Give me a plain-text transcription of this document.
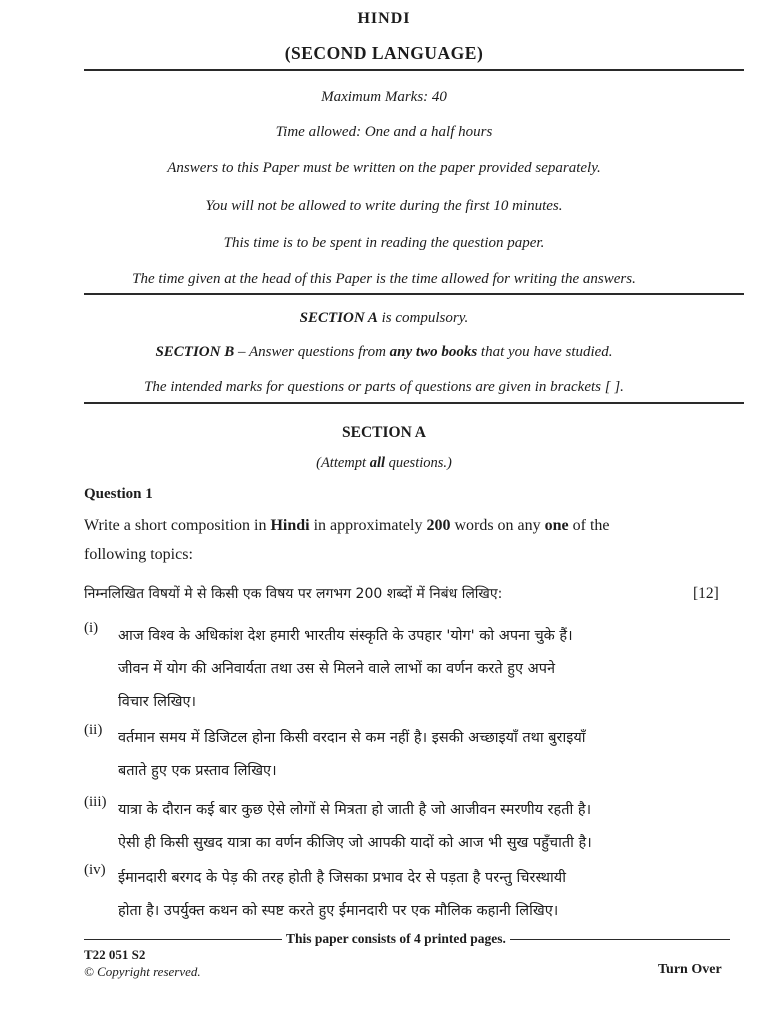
HINDI
(SECOND LANGUAGE)
Maximum Marks: 40
Time allowed: One and a half hours
Answers to this Paper must be written on the paper provided separately.
You will not be allowed to write during the first 10 minutes.
This time is to be spent in reading the question paper.
The time given at the head of this Paper is the time allowed for writing the answers.
SECTION A is compulsory.
SECTION B – Answer questions from any two books that you have studied.
The intended marks for questions or parts of questions are given in brackets [ ].
SECTION A
(Attempt all questions.)
Question 1
Write a short composition in Hindi in approximately 200 words on any one of the
following topics:
निम्नलिखित विषयों मे से किसी एक विषय पर लगभग 200 शब्दों में निबंध लिखिए:	[12]
(i) आज विश्व के अधिकांश देश हमारी भारतीय संस्कृति के उपहार 'योग' को अपना चुके हैं।
जीवन में योग की अनिवार्यता तथा उस से मिलने वाले लाभों का वर्णन करते हुए अपने
विचार लिखिए।
(ii) वर्तमान समय में डिजिटल होना किसी वरदान से कम नहीं है। इसकी अच्छाइयाँ तथा बुराइयाँ
बताते हुए एक प्रस्ताव लिखिए।
(iii) यात्रा के दौरान कई बार कुछ ऐसे लोगों से मित्रता हो जाती है जो आजीवन स्मरणीय रहती है।
ऐसी ही किसी सुखद यात्रा का वर्णन कीजिए जो आपकी यादों को आज भी सुख पहुँचाती है।
(iv) ईमानदारी बरगद के पेड़ की तरह होती है जिसका प्रभाव देर से पड़ता है परन्तु चिरस्थायी
होता है। उपर्युक्त कथन को स्पष्ट करते हुए ईमानदारी पर एक मौलिक कहानी लिखिए।
This paper consists of 4 printed pages.
T22 051 S2
© Copyright reserved.	Turn Over
